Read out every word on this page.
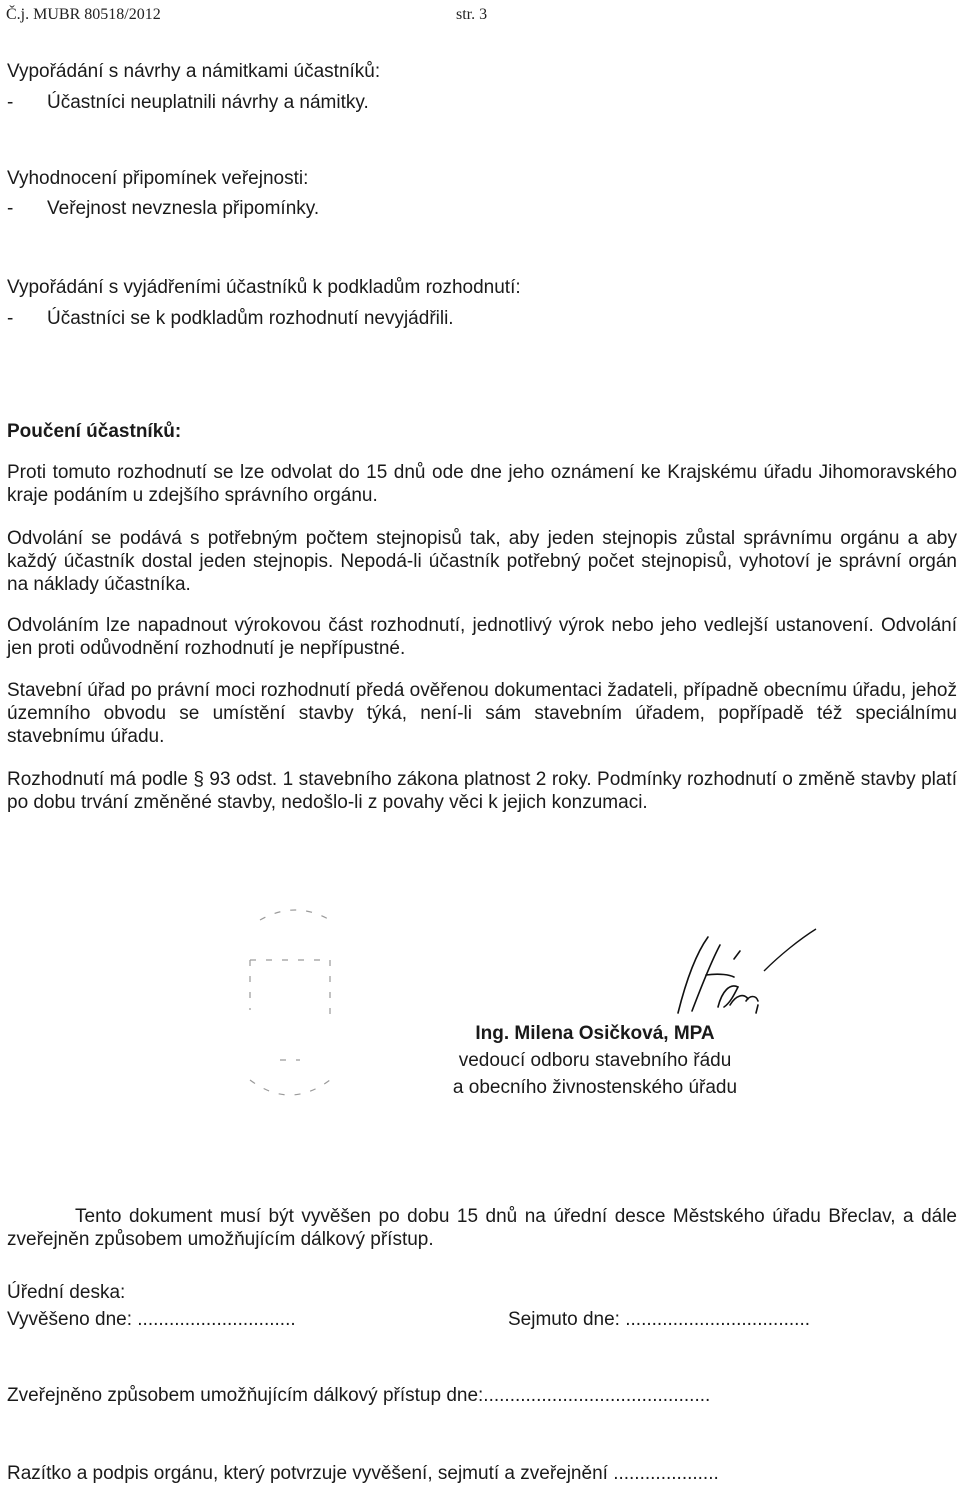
Č.j. MUBR 80518/2012	str. 3
Vypořádání s návrhy a námitkami účastníků:
- Účastníci neuplatnili návrhy a námitky.
Vyhodnocení připomínek veřejnosti:
- Veřejnost nevznesla připomínky.
Vypořádání s vyjádřeními účastníků k podkladům rozhodnutí:
- Účastníci se k podkladům rozhodnutí nevyjádřili.
Poučení účastníků:
Proti tomuto rozhodnutí se lze odvolat do 15 dnů ode dne jeho oznámení ke Krajskému úřadu Jihomoravského kraje podáním u zdejšího správního orgánu.
Odvolání se podává s potřebným počtem stejnopisů tak, aby jeden stejnopis zůstal správnímu orgánu a aby každý účastník dostal jeden stejnopis. Nepodá-li účastník potřebný počet stejnopisů, vyhotoví je správní orgán na náklady účastníka.
Odvoláním lze napadnout výrokovou část rozhodnutí, jednotlivý výrok nebo jeho vedlejší ustanovení. Odvolání jen proti odůvodnění rozhodnutí je nepřípustné.
Stavební úřad po právní moci rozhodnutí předá ověřenou dokumentaci žadateli, případně obecnímu úřadu, jehož územního obvodu se umístění stavby týká, není-li sám stavebním úřadem, popřípadě též speciálnímu stavebnímu úřadu.
Rozhodnutí má podle § 93 odst. 1 stavebního zákona platnost 2 roky. Podmínky rozhodnutí o změně stavby platí po dobu trvání změněné stavby, nedošlo-li z povahy věci k jejich konzumaci.
Ing. Milena Osičková, MPA
vedoucí odboru stavebního řádu
a obecního živnostenského úřadu
Tento dokument musí být vyvěšen po dobu 15 dnů na úřední desce Městského úřadu Břeclav, a dále zveřejněn způsobem umožňujícím dálkový přístup.
Úřední deska:
Vyvěšeno dne: ..............................	Sejmuto dne: ...................................
Zveřejněno způsobem umožňujícím dálkový přístup dne:...........................................
Razítko a podpis orgánu, který potvrzuje vyvěšení, sejmutí a zveřejnění ....................
